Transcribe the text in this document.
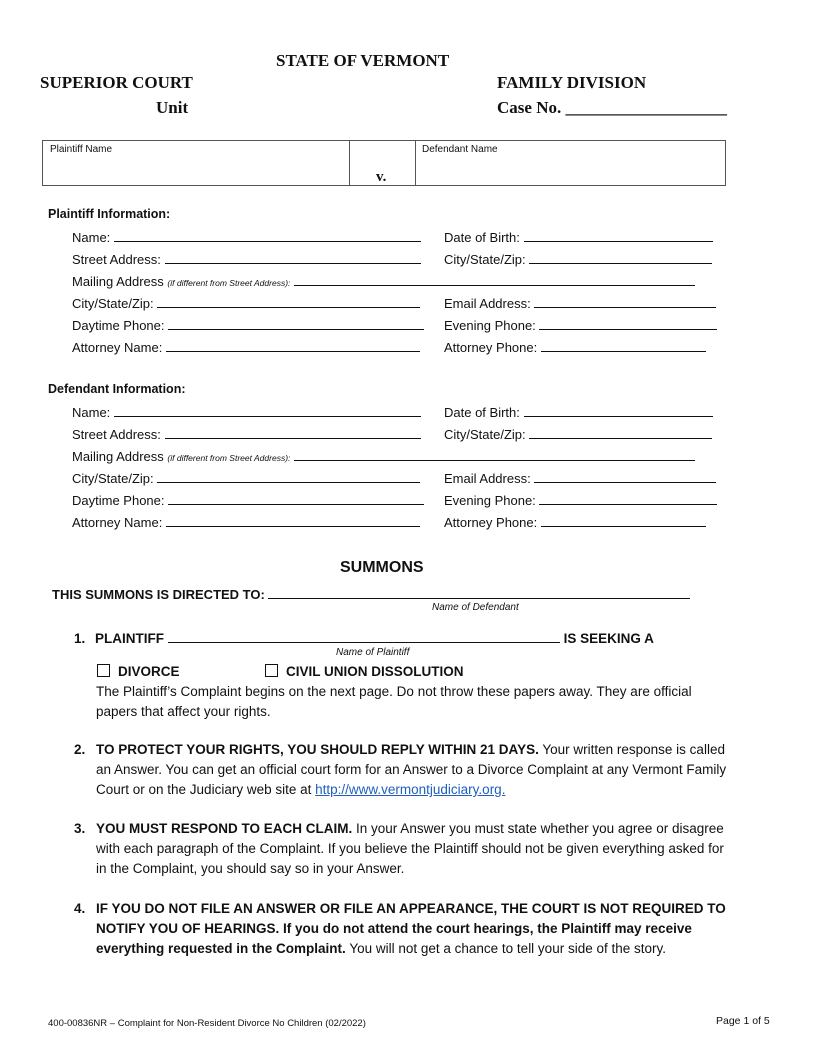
STATE OF VERMONT
SUPERIOR COURT
Unit
FAMILY DIVISION
Case No. ___________________
Plaintiff Name
v.
Defendant Name
Plaintiff Information:
Name:	Date of Birth:
Street Address:	City/State/Zip:
Mailing Address (if different from Street Address):
City/State/Zip:	Email Address:
Daytime Phone:	Evening Phone:
Attorney Name:	Attorney Phone:
Defendant Information:
Name:	Date of Birth:
Street Address:	City/State/Zip:
Mailing Address (if different from Street Address):
City/State/Zip:	Email Address:
Daytime Phone:	Evening Phone:
Attorney Name:	Attorney Phone:
SUMMONS
THIS SUMMONS IS DIRECTED TO:
Name of Defendant
1. PLAINTIFF	IS SEEKING A
Name of Plaintiff
DIVORCE	CIVIL UNION DISSOLUTION
The Plaintiff’s Complaint begins on the next page. Do not throw these papers away. They are official papers that affect your rights.
2. TO PROTECT YOUR RIGHTS, YOU SHOULD REPLY WITHIN 21 DAYS. Your written response is called an Answer. You can get an official court form for an Answer to a Divorce Complaint at any Vermont Family Court or on the Judiciary web site at http://www.vermontjudiciary.org.
3. YOU MUST RESPOND TO EACH CLAIM. In your Answer you must state whether you agree or disagree with each paragraph of the Complaint. If you believe the Plaintiff should not be given everything asked for in the Complaint, you should say so in your Answer.
4. IF YOU DO NOT FILE AN ANSWER OR FILE AN APPEARANCE, THE COURT IS NOT REQUIRED TO NOTIFY YOU OF HEARINGS. If you do not attend the court hearings, the Plaintiff may receive everything requested in the Complaint. You will not get a chance to tell your side of the story.
400-00836NR – Complaint for Non-Resident Divorce No Children (02/2022)	Page 1 of 5
